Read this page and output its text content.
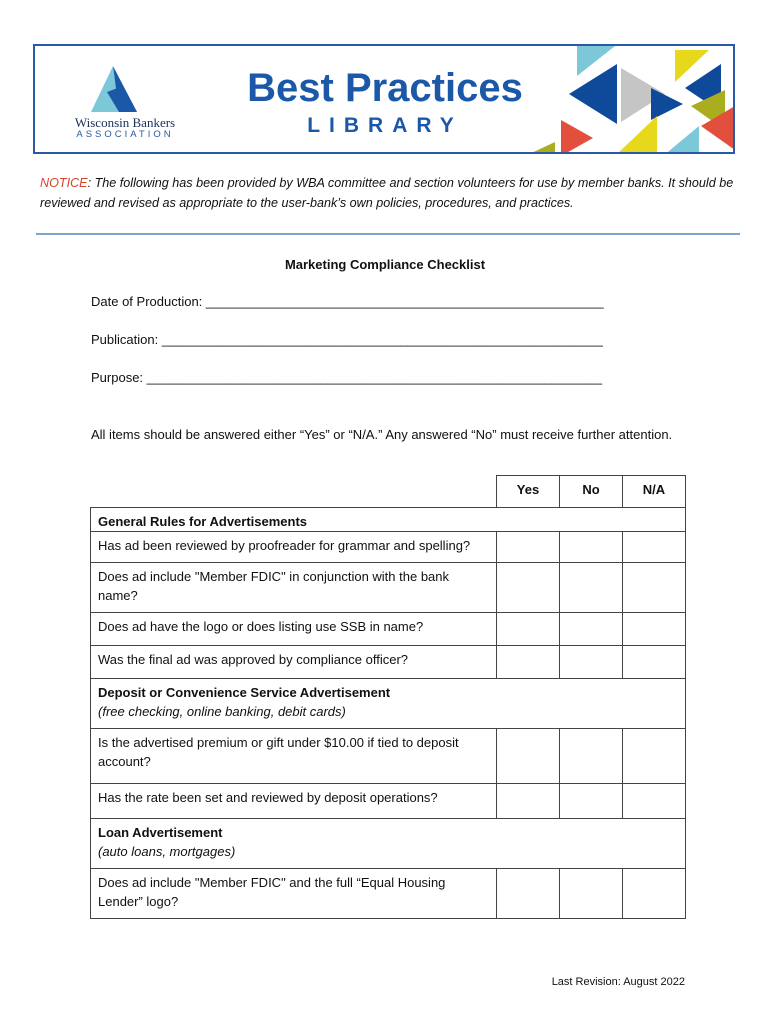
Wisconsin Bankers
ASSOCIATION
Best Practices
LIBRARY
NOTICE: The following has been provided by WBA committee and section volunteers for use by member banks. It should be reviewed and revised as appropriate to the user-bank’s own policies, procedures, and practices.
Marketing Compliance Checklist
Date of Production: _______________________________________________________
Publication: _____________________________________________________________
Purpose: _______________________________________________________________
All items should be answered either “Yes” or “N/A.” Any answered “No” must receive further attention.
	Yes	No	N/A

General Rules for Advertisements			

Has ad been reviewed by proofreader for grammar and spelling?			
Does ad include "Member FDIC" in conjunction with the bank name?			
Does ad have the logo or does listing use SSB in name?			
Was the final ad was approved by compliance officer?			

Deposit or Convenience Service Advertisement
(free checking, online banking, debit cards)			

Is the advertised premium or gift under $10.00 if tied to deposit account?			
Has the rate been set and reviewed by deposit operations?			

Loan Advertisement
(auto loans, mortgages)			

Does ad include "Member FDIC" and the full “Equal Housing Lender” logo?			
Last Revision: August 2022
